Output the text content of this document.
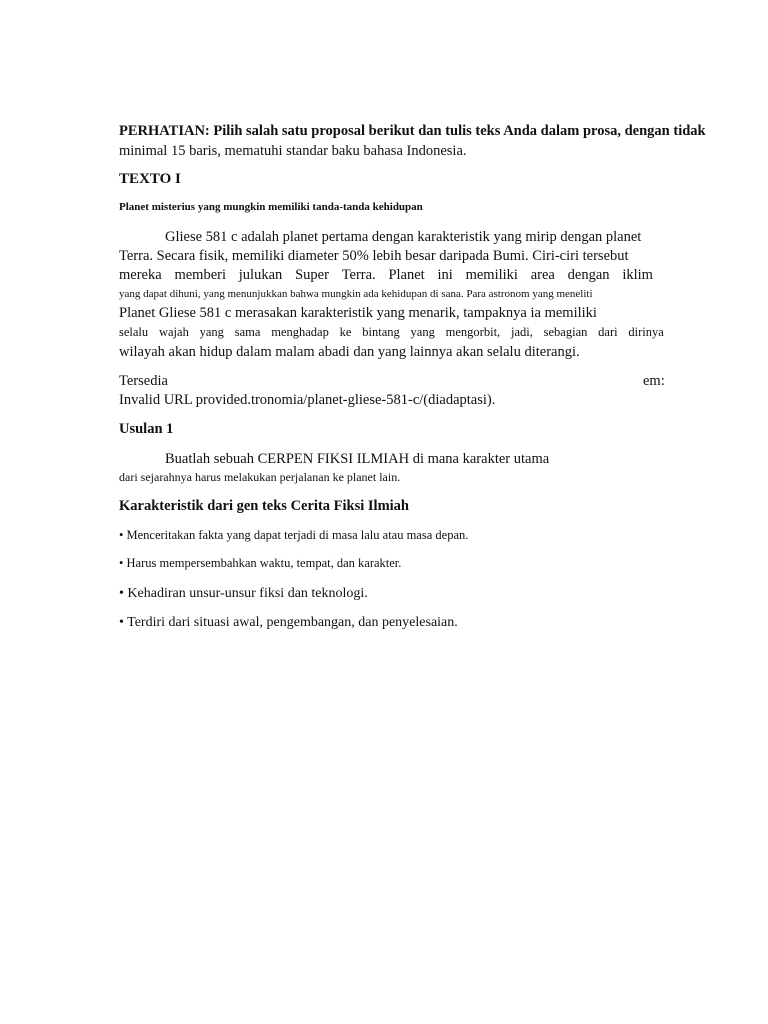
PERHATIAN: Pilih salah satu proposal berikut dan tulis teks Anda dalam prosa, dengan tidak
minimal 15 baris, mematuhi standar baku bahasa Indonesia.
TEXTO I
Planet misterius yang mungkin memiliki tanda-tanda kehidupan
Gliese 581 c adalah planet pertama dengan karakteristik yang mirip dengan planet
Terra. Secara fisik, memiliki diameter 50% lebih besar daripada Bumi. Ciri-ciri tersebut
mereka memberi julukan Super Terra. Planet ini memiliki area dengan iklim
yang dapat dihuni, yang menunjukkan bahwa mungkin ada kehidupan di sana. Para astronom yang meneliti
Planet Gliese 581 c merasakan karakteristik yang menarik, tampaknya ia memiliki
selalu wajah yang sama menghadap ke bintang yang mengorbit, jadi, sebagian dari dirinya
wilayah akan hidup dalam malam abadi dan yang lainnya akan selalu diterangi.
Tersedia	em:
Invalid URL provided.tronomia/planet-gliese-581-c/(diadaptasi).
Usulan 1
Buatlah sebuah CERPEN FIKSI ILMIAH di mana karakter utama
dari sejarahnya harus melakukan perjalanan ke planet lain.
Karakteristik dari gen teks Cerita Fiksi Ilmiah
• Menceritakan fakta yang dapat terjadi di masa lalu atau masa depan.
• Harus mempersembahkan waktu, tempat, dan karakter.
• Kehadiran unsur-unsur fiksi dan teknologi.
• Terdiri dari situasi awal, pengembangan, dan penyelesaian.
